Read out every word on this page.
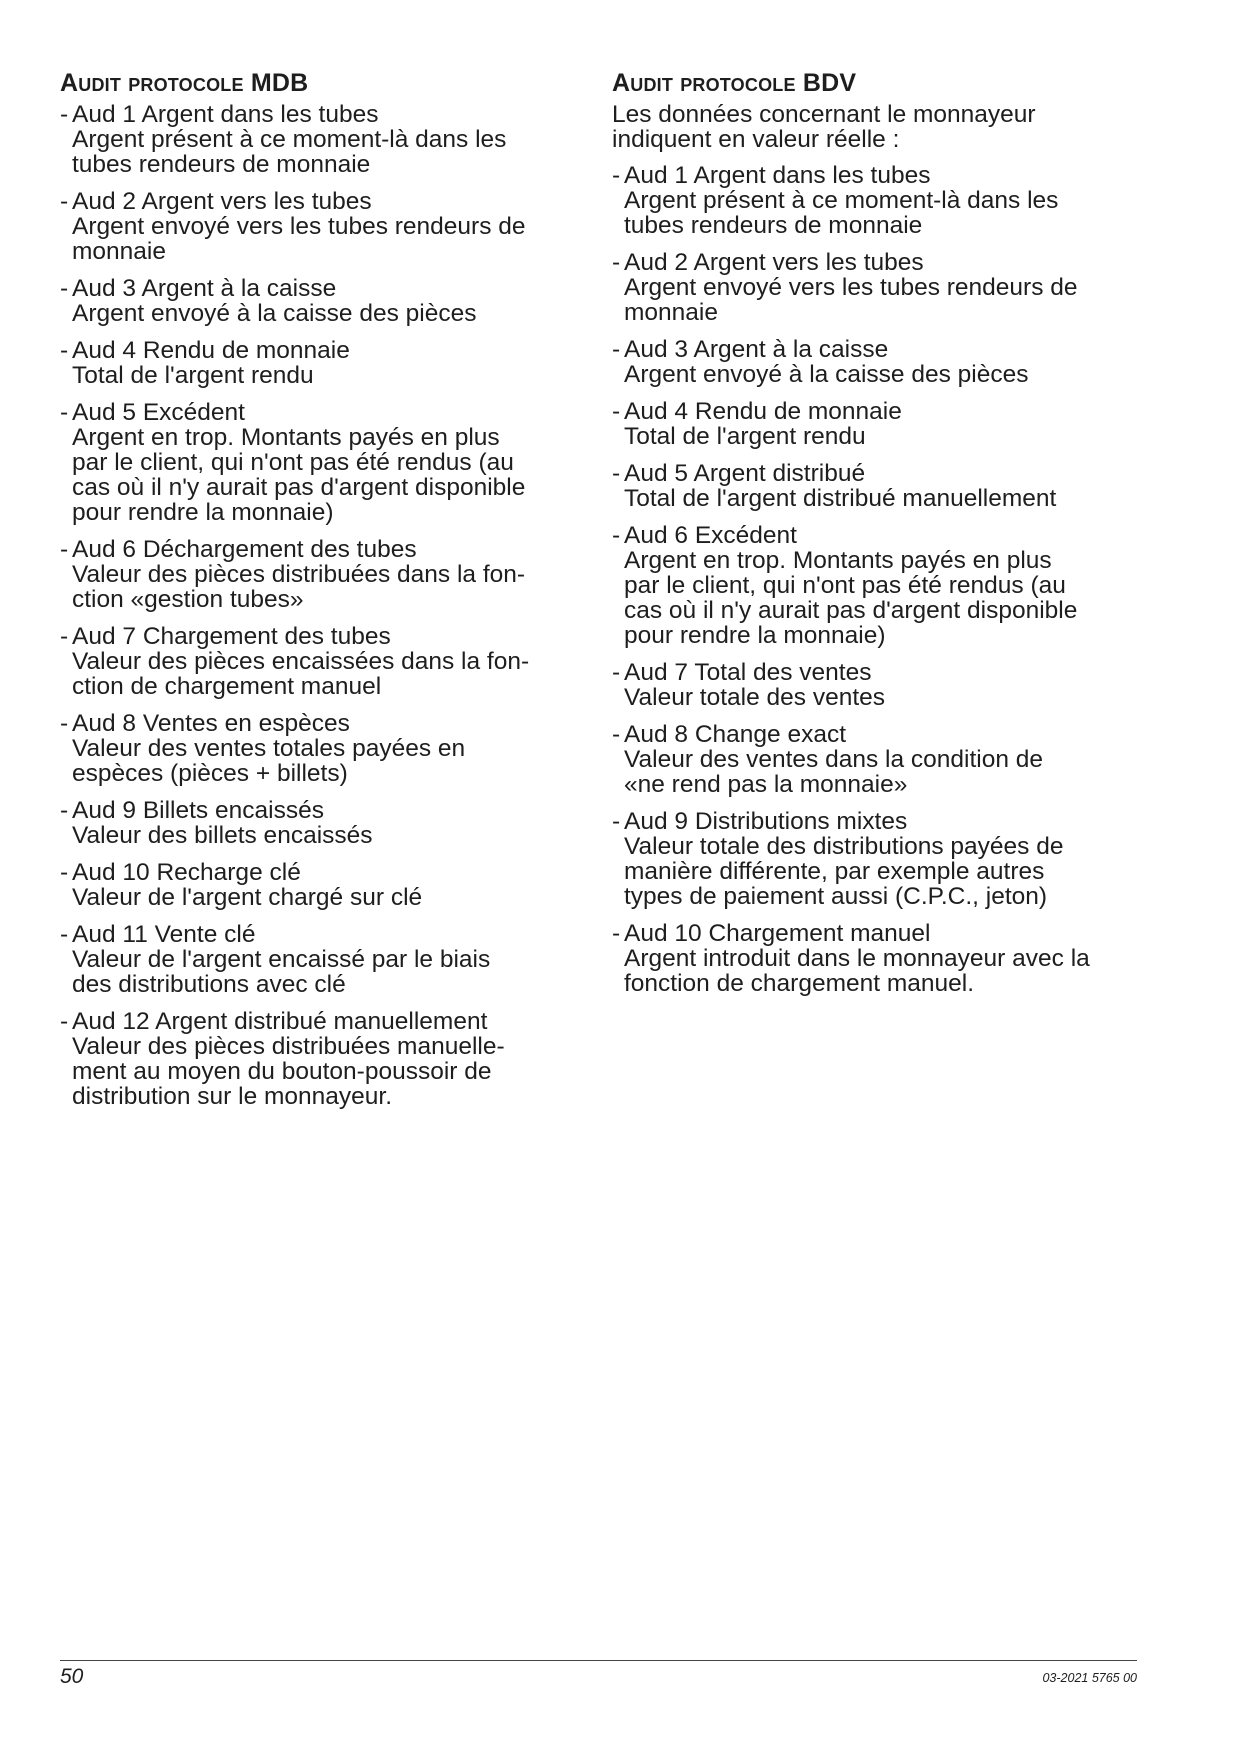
Audit protocole MDB
- Aud 1 Argent dans les tubes
Argent présent à ce moment-là dans les
tubes rendeurs de monnaie
- Aud 2 Argent vers les tubes
Argent envoyé vers les tubes rendeurs de
monnaie
- Aud 3 Argent à la caisse
Argent envoyé à la caisse des pièces
- Aud 4 Rendu de monnaie
Total de l'argent rendu
- Aud 5 Excédent
Argent en trop. Montants payés en plus
par le client, qui n'ont pas été rendus (au
cas où il n'y aurait pas d'argent disponible
pour rendre la monnaie)
- Aud 6 Déchargement des tubes
Valeur des pièces distribuées dans la fon-
ction «gestion tubes»
- Aud 7 Chargement des tubes
Valeur des pièces encaissées dans la fon-
ction de chargement manuel
- Aud 8 Ventes en espèces
Valeur des ventes totales payées en
espèces (pièces + billets)
- Aud 9 Billets encaissés
Valeur des billets encaissés
- Aud 10 Recharge clé
Valeur de l'argent chargé sur clé
- Aud 11 Vente clé
Valeur de l'argent encaissé par le biais
des distributions avec clé
- Aud 12 Argent distribué manuellement
Valeur des pièces distribuées manuelle-
ment au moyen du bouton-poussoir de
distribution sur le monnayeur.
Audit protocole BDV

Les données concernant le monnayeur
indiquent en valeur réelle :

- Aud 1 Argent dans les tubes
Argent présent à ce moment-là dans les
tubes rendeurs de monnaie
- Aud 2 Argent vers les tubes
Argent envoyé vers les tubes rendeurs de
monnaie
- Aud 3 Argent à la caisse
Argent envoyé à la caisse des pièces
- Aud 4 Rendu de monnaie
Total de l'argent rendu
- Aud 5 Argent distribué
Total de l'argent distribué manuellement
- Aud 6 Excédent
Argent en trop. Montants payés en plus
par le client, qui n'ont pas été rendus (au
cas où il n'y aurait pas d'argent disponible
pour rendre la monnaie)
- Aud 7 Total des ventes
Valeur totale des ventes
- Aud 8 Change exact
Valeur des ventes dans la condition de
«ne rend pas la monnaie»
- Aud 9 Distributions mixtes
Valeur totale des distributions payées de
manière différente, par exemple autres
types de paiement aussi (C.P.C., jeton)
- Aud 10 Chargement manuel
Argent introduit dans le monnayeur avec la
fonction de chargement manuel.
50	03-2021 5765 00
